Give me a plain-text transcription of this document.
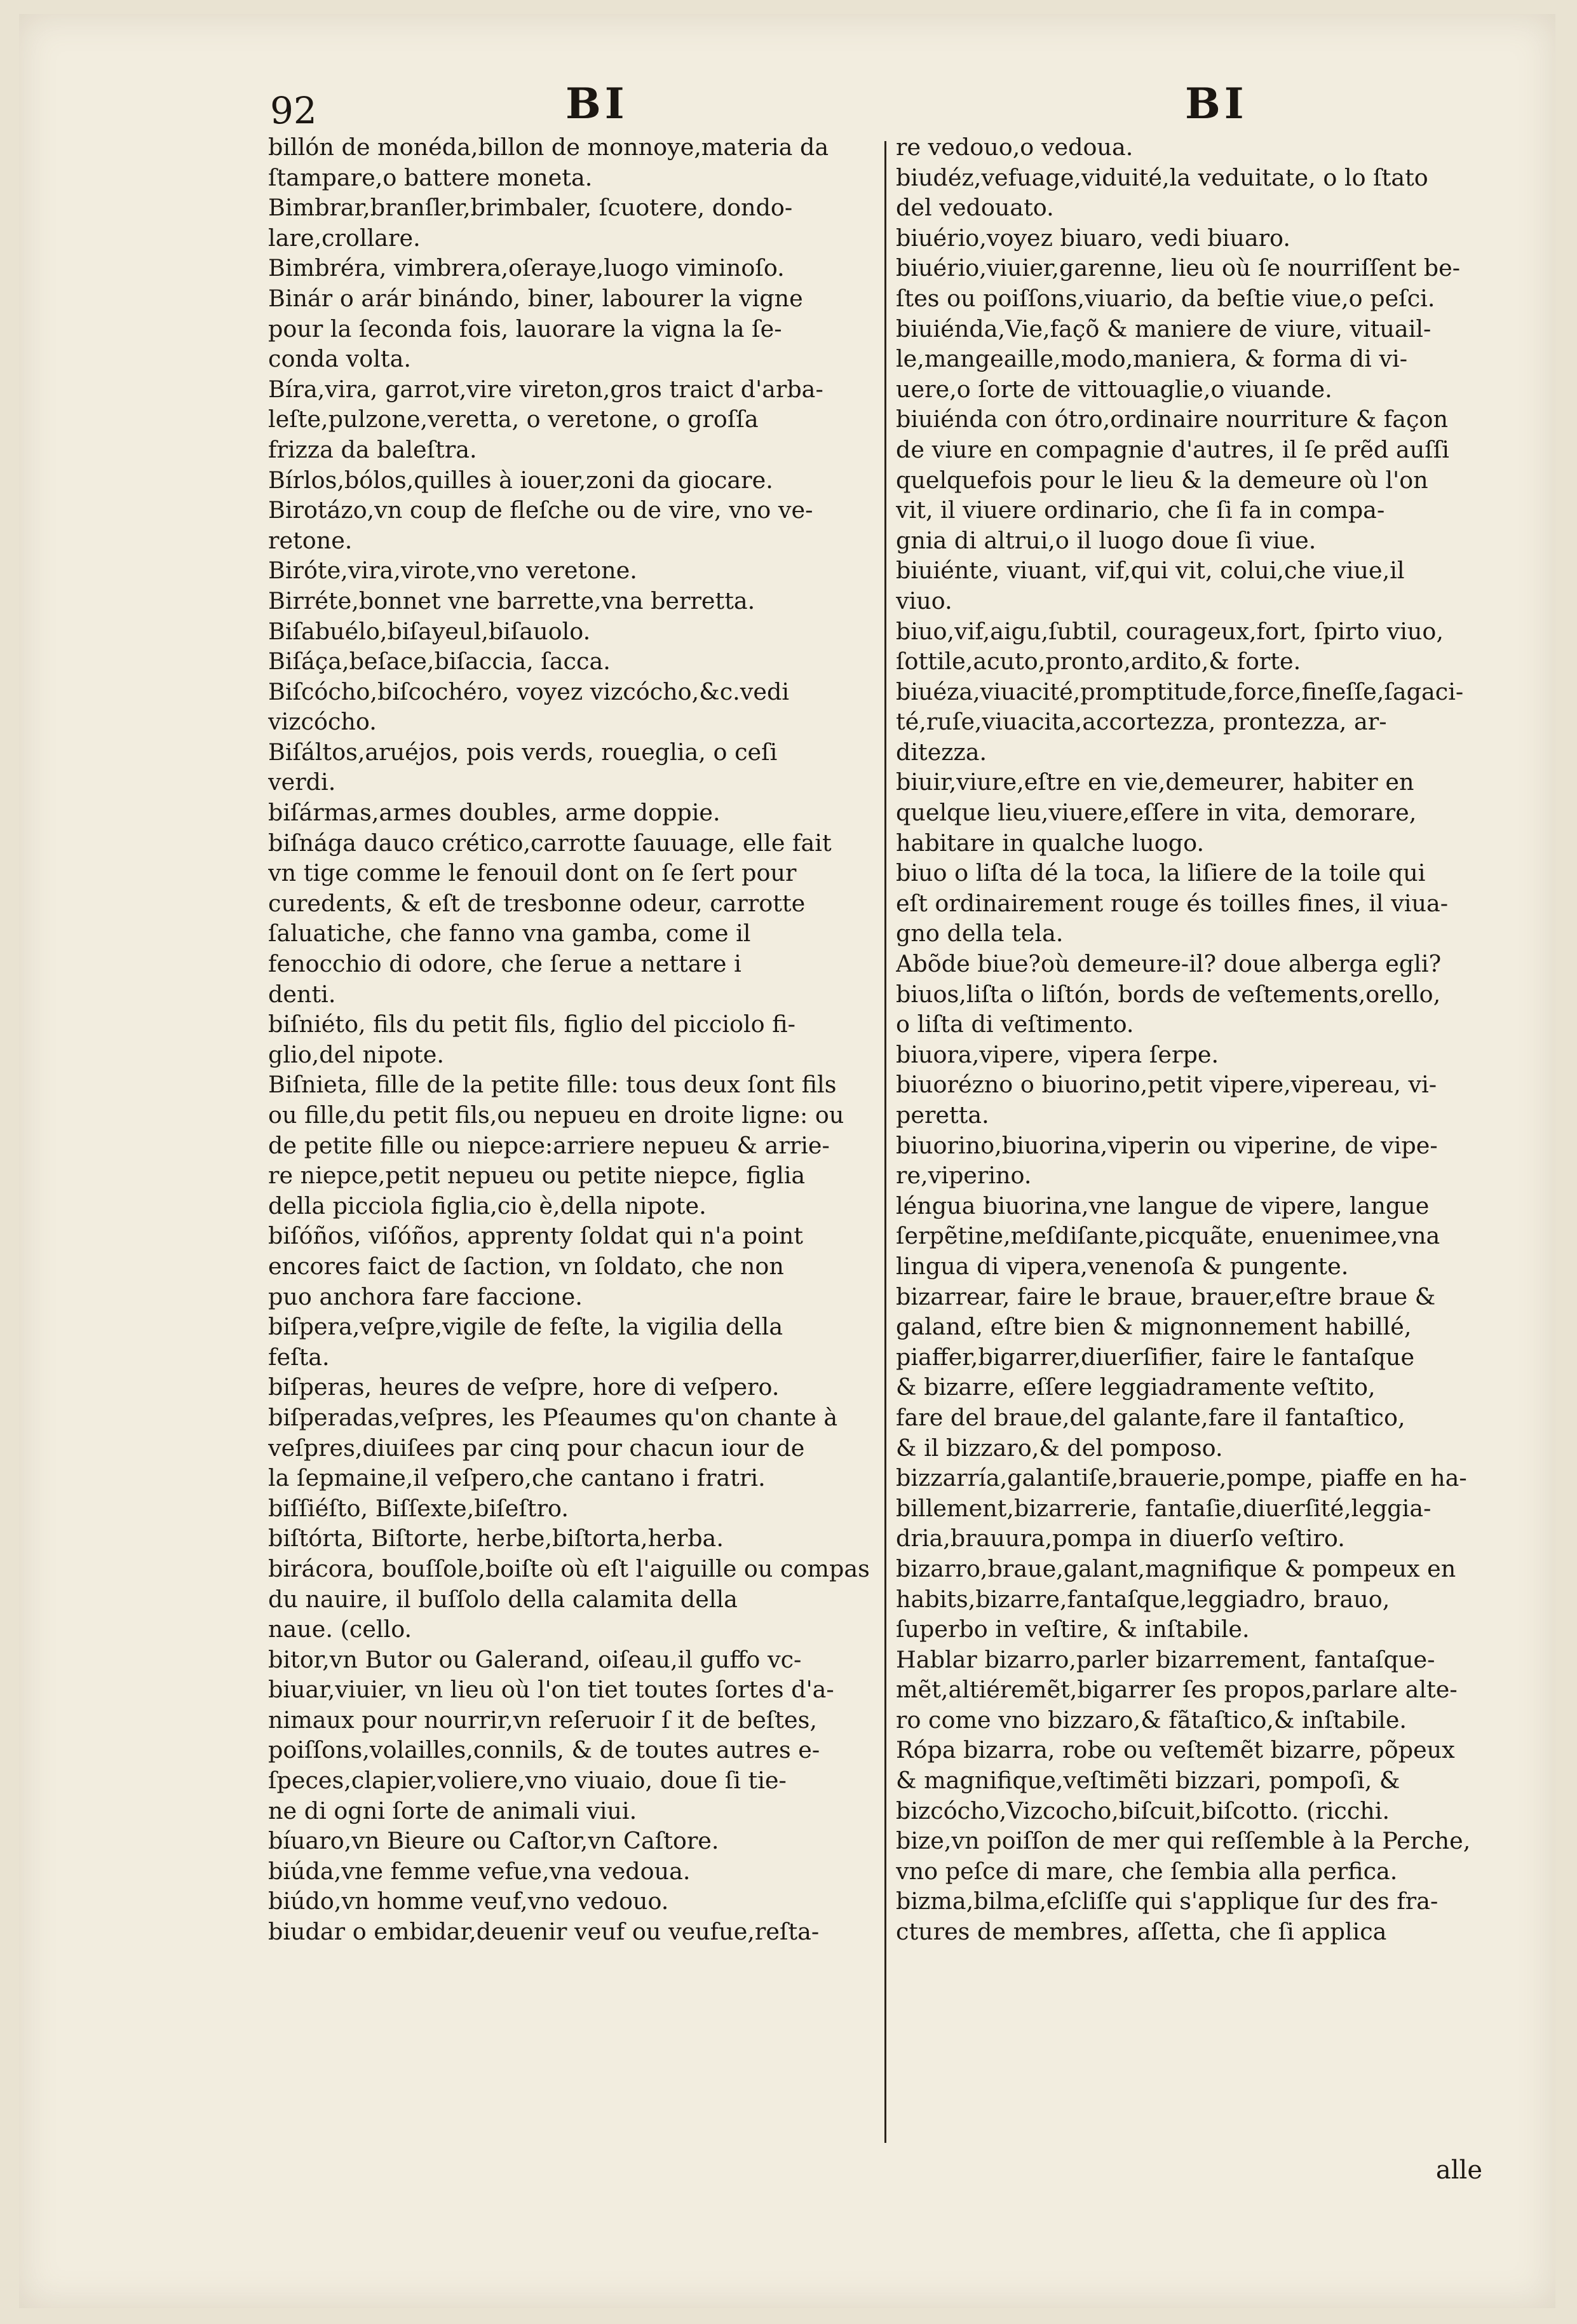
92	BI	BI
billón de monéda,billon de monnoye,materia da
ſtampare,o battere moneta.
Bimbrar,branſler,brimbaler, ſcuotere, dondo-
lare,crollare.
Bimbréra, vimbrera,oſeraye,luogo viminoſo.
Binár o arár binándo, biner, labourer la vigne
pour la ſeconda fois, lauorare la vigna la ſe-
conda volta.
Bíra,vira, garrot,vire vireton,gros traict d'arba-
leſte,pulzone,veretta, o veretone, o groſſa
frizza da baleſtra.
Bírlos,bólos,quilles à iouer,zoni da giocare.
Birotázo,vn coup de fleſche ou de vire, vno ve-
retone.
Biróte,vira,virote,vno veretone.
Birréte,bonnet vne barrette,vna berretta.
Biſabuélo,biſayeul,biſauolo.
Biſáça,beſace,biſaccia, ſacca.
Biſcócho,biſcochéro, voyez vizcócho,&c.vedi
vizcócho.
Biſáltos,aruéjos, pois verds, roueglia, o ceſi
verdi.
biſármas,armes doubles, arme doppie.
biſnága dauco crético,carrotte ſauuage, elle fait
vn tige comme le fenouil dont on ſe ſert pour
curedents, & eſt de tresbonne odeur, carrotte
ſaluatiche, che fanno vna gamba, come il
fenocchio di odore, che ſerue a nettare i
denti.
biſniéto, fils du petit fils, figlio del picciolo fi-
glio,del nipote.
Biſnieta, fille de la petite fille: tous deux ſont fils
ou fille,du petit fils,ou nepueu en droite ligne: ou
de petite fille ou niepce:arriere nepueu & arrie-
re niepce,petit nepueu ou petite niepce, figlia
della picciola figlia,cio è,della nipote.
biſóños, viſóños, apprenty ſoldat qui n'a point
encores faict de ſaction, vn ſoldato, che non
puo anchora fare faccione.
biſpera,veſpre,vigile de feſte, la vigilia della
feſta.
biſperas, heures de veſpre, hore di veſpero.
biſperadas,veſpres, les Pſeaumes qu'on chante à
veſpres,diuiſees par cinq pour chacun iour de
la ſepmaine,il veſpero,che cantano i fratri.
biſſiéſto, Biſſexte,biſeſtro.
biſtórta, Biſtorte, herbe,biſtorta,herba.
birácora, bouſſole,boiſte où eſt l'aiguille ou compas
du nauire, il buſſolo della calamita della
naue. (cello.
bitor,vn Butor ou Galerand, oiſeau,il guffo vc-
biuar,viuier, vn lieu où l'on tiet toutes ſortes d'a-
nimaux pour nourrir,vn reſeruoir ſ it de beſtes,
poiſſons,volailles,connils, & de toutes autres e-
ſpeces,clapier,voliere,vno viuaio, doue ſi tie-
ne di ogni ſorte de animali viui.
bíuaro,vn Bieure ou Caſtor,vn Caſtore.
biúda,vne femme vefue,vna vedoua.
biúdo,vn homme veuf,vno vedouo.
biudar o embidar,deuenir veuf ou veufue,reſta-
re vedouo,o vedoua.
biudéz,vefuage,viduité,la veduitate, o lo ſtato
del vedouato.
biuério,voyez biuaro, vedi biuaro.
biuério,viuier,garenne, lieu où ſe nourriſſent be-
ſtes ou poiſſons,viuario, da beſtie viue,o peſci.
biuiénda,Vie,façõ & maniere de viure, vituail-
le,mangeaille,modo,maniera, & forma di vi-
uere,o ſorte de vittouaglie,o viuande.
biuiénda con ótro,ordinaire nourriture & façon
de viure en compagnie d'autres, il ſe prẽd auſſi
quelquefois pour le lieu & la demeure où l'on
vit, il viuere ordinario, che ſi fa in compa-
gnia di altrui,o il luogo doue ſi viue.
biuiénte, viuant, vif,qui vit, colui,che viue,il
viuo.
biuo,vif,aigu,ſubtil, courageux,fort, ſpirto viuo,
ſottile,acuto,pronto,ardito,& forte.
biuéza,viuacité,promptitude,force,fineſſe,ſagaci-
té,ruſe,viuacita,accortezza, prontezza, ar-
ditezza.
biuir,viure,eſtre en vie,demeurer, habiter en
quelque lieu,viuere,eſſere in vita, demorare,
habitare in qualche luogo.
biuo o liſta dé la toca, la liſiere de la toile qui
eſt ordinairement rouge és toilles fines, il viua-
gno della tela.
Abõde biue?où demeure-il? doue alberga egli?
biuos,liſta o liſtón, bords de veſtements,orello,
o liſta di veſtimento.
biuora,vipere, vipera ſerpe.
biuorézno o biuorino,petit vipere,vipereau, vi-
peretta.
biuorino,biuorina,viperin ou viperine, de vipe-
re,viperino.
léngua biuorina,vne langue de vipere, langue
ſerpẽtine,meſdiſante,picquãte, enuenimee,vna
lingua di vipera,venenoſa & pungente.
bizarrear, faire le braue, brauer,eſtre braue &
galand, eſtre bien & mignonnement habillé,
piaffer,bigarrer,diuerſifier, faire le fantaſque
& bizarre, eſſere leggiadramente veſtito,
fare del braue,del galante,fare il fantaſtico,
& il bizzaro,& del pomposo.
bizzarría,galantiſe,brauerie,pompe, piaffe en ha-
billement,bizarrerie, fantaſie,diuerſité,leggia-
dria,brauura,pompa in diuerſo veſtiro.
bizarro,braue,galant,magnifique & pompeux en
habits,bizarre,fantaſque,leggiadro, brauo,
ſuperbo in veſtire, & inſtabile.
Hablar bizarro,parler bizarrement, fantaſque-
mẽt,altiéremẽt,bigarrer ſes propos,parlare alte-
ro come vno bizzaro,& fãtaſtico,& inſtabile.
Rópa bizarra, robe ou veſtemẽt bizarre, põpeux
& magnifique,veſtimẽti bizzari, pompoſi, &
bizcócho,Vizcocho,biſcuit,biſcotto. (ricchi.
bize,vn poiſſon de mer qui reſſemble à la Perche,
vno peſce di mare, che ſembia alla perfica.
bizma,bilma,eſcliſſe qui s'applique ſur des fra-
ctures de membres, aſſetta, che ſi applica
alle
